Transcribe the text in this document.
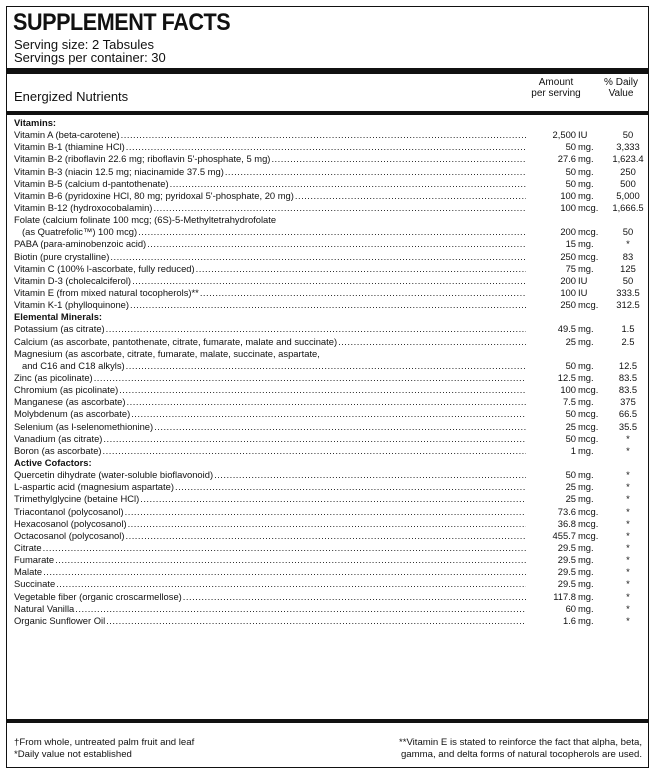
SUPPLEMENT FACTS
Serving size: 2 Tabsules
Servings per container: 30
Energized Nutrients
Amount
per serving
% Daily
Value
Vitamins:
Vitamin A (beta-carotene) .....	2,500 IU	50
Vitamin B-1 (thiamine HCl) .....	50 mg.	3,333
Vitamin B-2 (riboflavin 22.6 mg; riboflavin 5'-phosphate, 5 mg) .....	27.6 mg.	1,623.4
Vitamin B-3 (niacin 12.5 mg; niacinamide 37.5 mg) .....	50 mg.	250
Vitamin B-5 (calcium d-pantothenate) .....	50 mg.	500
Vitamin B-6 (pyridoxine HCl, 80 mg; pyridoxal 5'-phosphate, 20 mg) .....	100 mg.	5,000
Vitamin B-12 (hydroxocobalamin) .....	100 mcg.	1,666.5
Folate (calcium folinate 100 mcg; (6S)-5-Methyltetrahydrofolate
(as Quatrefolic™) 100 mcg) .....	200 mcg.	50
PABA (para-aminobenzoic acid) .....	15 mg.	*
Biotin (pure crystalline) .....	250 mcg.	83
Vitamin C (100% l-ascorbate, fully reduced) .....	75 mg.	125
Vitamin D-3 (cholecalciferol) .....	200 IU	50
Vitamin E (from mixed natural tocopherols)** .....	100 IU	333.5
Vitamin K-1 (phylloquinone) .....	250 mcg.	312.5
Elemental Minerals:
Potassium (as citrate) .....	49.5 mg.	1.5
Calcium (as ascorbate, pantothenate, citrate, fumarate, malate and succinate) .....	25 mg.	2.5
Magnesium (as ascorbate, citrate, fumarate, malate, succinate, aspartate,
and C16 and C18 alkyls) .....	50 mg.	12.5
Zinc (as picolinate) .....	12.5 mg.	83.5
Chromium (as picolinate) .....	100 mcg.	83.5
Manganese (as ascorbate) .....	7.5 mg.	375
Molybdenum (as ascorbate) .....	50 mcg.	66.5
Selenium (as l-selenomethionine) .....	25 mcg.	35.5
Vanadium (as citrate) .....	50 mcg.	*
Boron (as ascorbate) .....	1 mg.	*
Active Cofactors:
Quercetin dihydrate (water-soluble bioflavonoid) .....	50 mg.	*
L-aspartic acid (magnesium aspartate) .....	25 mg.	*
Trimethylglycine (betaine HCl) .....	25 mg.	*
Triacontanol (polycosanol) .....	73.6 mcg.	*
Hexacosanol (polycosanol) .....	36.8 mcg.	*
Octacosanol (polycosanol) .....	455.7 mcg.	*
Citrate .....	29.5 mg.	*
Fumarate .....	29.5 mg.	*
Malate .....	29.5 mg.	*
Succinate .....	29.5 mg.	*
Vegetable fiber (organic croscarmellose) .....	117.8 mg.	*
Natural Vanilla .....	60 mg.	*
Organic Sunflower Oil .....	1.6 mg.	*
†From whole, untreated palm fruit and leaf
*Daily value not established
**Vitamin E is stated to reinforce the fact that alpha, beta,
gamma, and delta forms of natural tocopherols are used.
